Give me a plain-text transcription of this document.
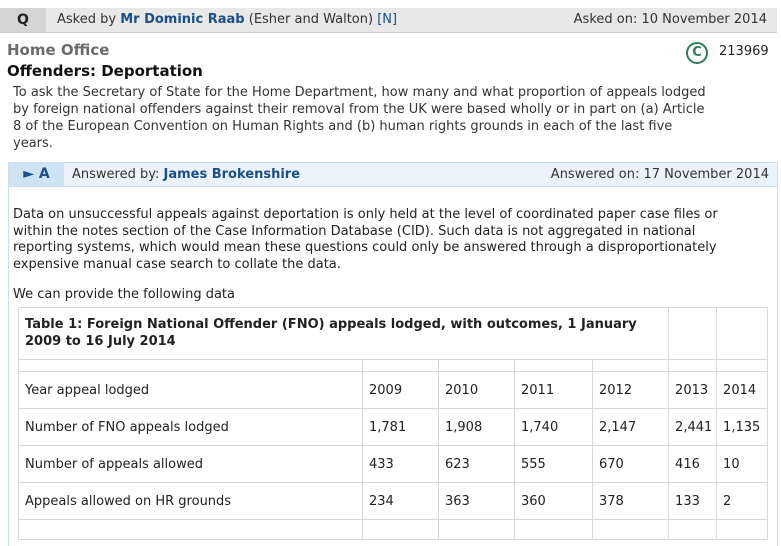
Q	Asked by Mr Dominic Raab (Esher and Walton) [N]	Asked on: 10 November 2014
Home Office	C	213969
Offenders: Deportation
To ask the Secretary of State for the Home Department, how many and what proportion of appeals lodged by foreign national offenders against their removal from the UK were based wholly or in part on (a) Article 8 of the European Convention on Human Rights and (b) human rights grounds in each of the last five years.
► A	Answered by: James Brokenshire	Answered on: 17 November 2014
Data on unsuccessful appeals against deportation is only held at the level of coordinated paper case files or within the notes section of the Case Information Database (CID). Such data is not aggregated in national reporting systems, which would mean these questions could only be answered through a disproportionately expensive manual case search to collate the data.
We can provide the following data
Table 1: Foreign National Offender (FNO) appeals lodged, with outcomes, 1 January 2009 to 16 July 2014						

Year appeal lodged	2009	2010	2011	2012	2013	2014
Number of FNO appeals lodged	1,781	1,908	1,740	2,147	2,441	1,135
Number of appeals allowed	433	623	555	670	416	10
Appeals allowed on HR grounds	234	363	360	378	133	2
